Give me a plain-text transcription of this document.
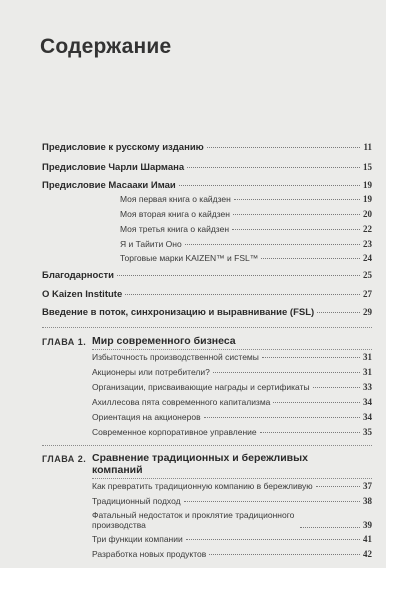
Содержание
Предисловие к русскому изданию	11
Предисловие Чарли Шармана	15
Предисловие Масааки Имаи	19
Моя первая книга о кайдзен	19
Моя вторая книга о кайдзен	20
Моя третья книга о кайдзен	22
Я и Тайити Оно	23
Торговые марки KAIZEN™ и FSL™	24
Благодарности	25
О Kaizen Institute	27
Введение в поток, синхронизацию и выравнивание (FSL)	29
ГЛАВА 1. Мир современного бизнеса
Избыточность производственной системы	31
Акционеры или потребители?	31
Организации, присваивающие награды и сертификаты	33
Ахиллесова пята современного капитализма	34
Ориентация на акционеров	34
Современное корпоративное управление	35
ГЛАВА 2. Сравнение традиционных и бережливых компаний
Как превратить традиционную компанию в бережливую	37
Традиционный подход	38
Фатальный недостаток и проклятие традиционного производства	39
Три функции компании	41
Разработка новых продуктов	42
